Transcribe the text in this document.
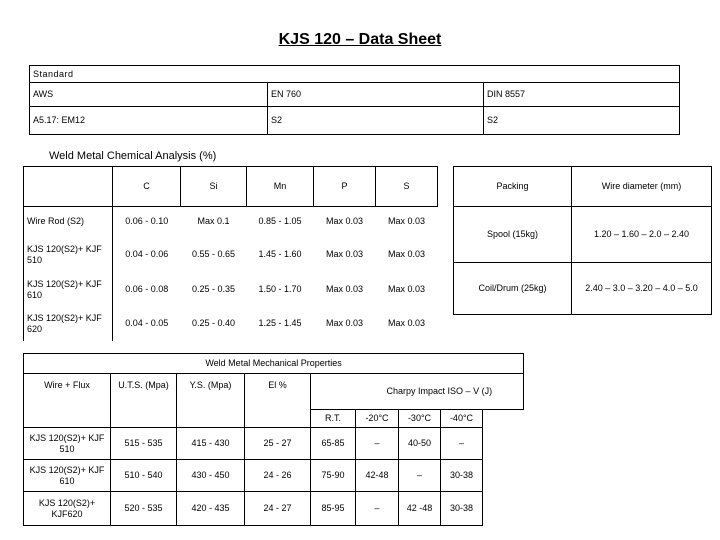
KJS 120 – Data Sheet
Standard		
AWS	EN 760	DIN 8557
A5.17: EM12	S2	S2
Weld Metal Chemical Analysis (%)
	C	Si	Mn	P	S
Wire Rod (S2)	0.06 - 0.10	Max 0.1	0.85 - 1.05	Max 0.03	Max 0.03
KJS 120(S2)+ KJF 510	0.04 - 0.06	0.55 - 0.65	1.45 - 1.60	Max 0.03	Max 0.03
KJS 120(S2)+ KJF 610	0.06 - 0.08	0.25 - 0.35	1.50 - 1.70	Max 0.03	Max 0.03
KJS 120(S2)+ KJF 620	0.04 - 0.05	0.25 - 0.40	1.25 - 1.45	Max 0.03	Max 0.03
Packing	Wire diameter (mm)
Spool (15kg)	1.20 – 1.60 – 2.0 – 2.40
Coil/Drum (25kg)	2.40 – 3.0 – 3.20 – 4.0 – 5.0
Weld Metal Mechanical Properties							
Wire + Flux	U.T.S. (Mpa)	Y.S. (Mpa)	El %		Charpy Impact ISO – V (J)		
				R.T.	-20°C	-30°C	-40°C
KJS 120(S2)+ KJF 510	515 - 535	415 - 430	25 - 27	65-85	–	40-50	–
KJS 120(S2)+ KJF 610	510 - 540	430 - 450	24 - 26	75-90	42-48	–	30-38
KJS 120(S2)+ KJF620	520 - 535	420 - 435	24 - 27	85-95	–	42 -48	30-38
